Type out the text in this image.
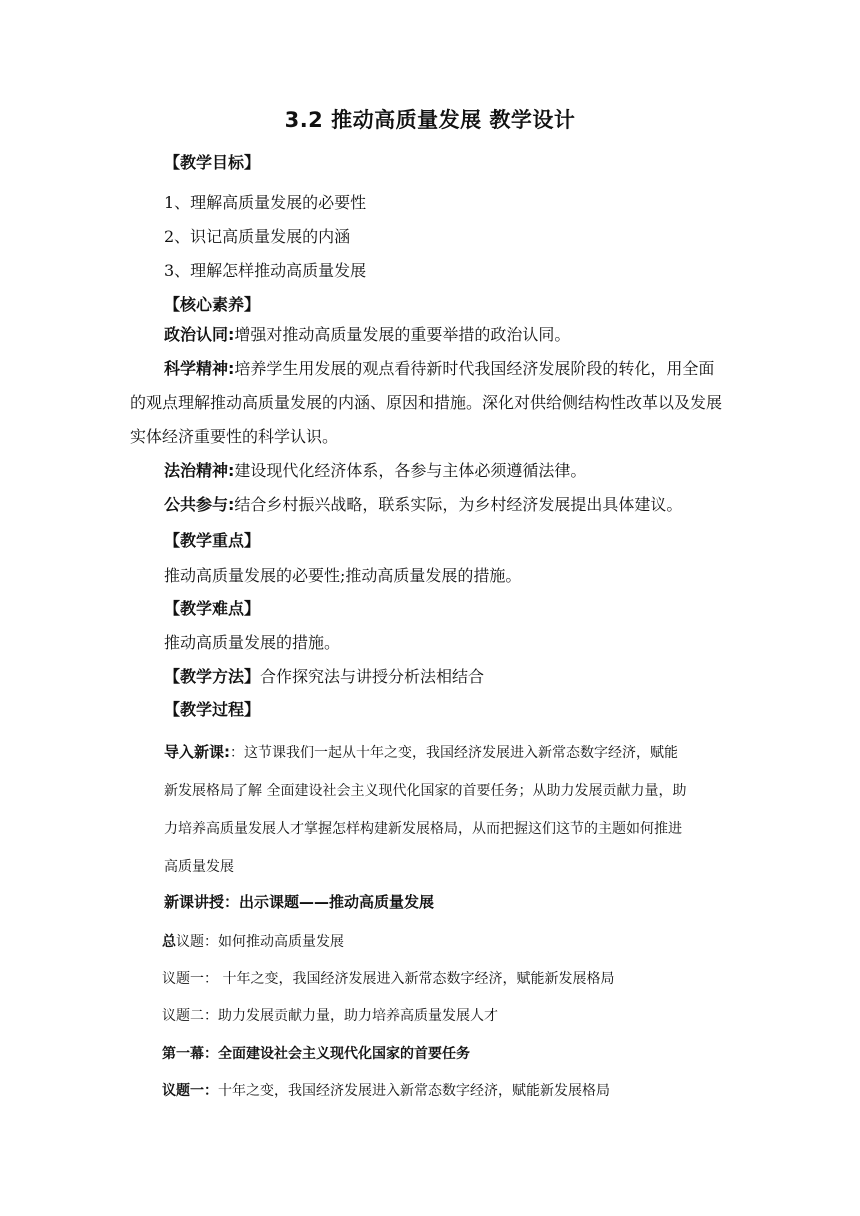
3.2 推动高质量发展 教学设计
【教学目标】
1、理解高质量发展的必要性
2、识记高质量发展的内涵
3、理解怎样推动高质量发展
【核心素养】

政治认同:增强对推动高质量发展的重要举措的政治认同。

科学精神:培养学生用发展的观点看待新时代我国经济发展阶段的转化，用全面的观点理解推动高质量发展的内涵、原因和措施。深化对供给侧结构性改革以及发展实体经济重要性的科学认识。

法治精神:建设现代化经济体系，各参与主体必须遵循法律。

公共参与:结合乡村振兴战略，联系实际，为乡村经济发展提出具体建议。

【教学重点】
推动高质量发展的必要性;推动高质量发展的措施。
【教学难点】
推动高质量发展的措施。
【教学方法】合作探究法与讲授分析法相结合
【教学过程】
导入新课:：这节课我们一起从十年之变，我国经济发展进入新常态数字经济，赋能
新发展格局了解 全面建设社会主义现代化国家的首要任务；从助力发展贡献力量，助
力培养高质量发展人才掌握怎样构建新发展格局，从而把握这们这节的主题如何推进
高质量发展
新课讲授：出示课题——推动高质量发展
总议题：如何推动高质量发展
议题一： 十年之变，我国经济发展进入新常态数字经济，赋能新发展格局
议题二：助力发展贡献力量，助力培养高质量发展人才
第一幕：全面建设社会主义现代化国家的首要任务
议题一：十年之变，我国经济发展进入新常态数字经济，赋能新发展格局
